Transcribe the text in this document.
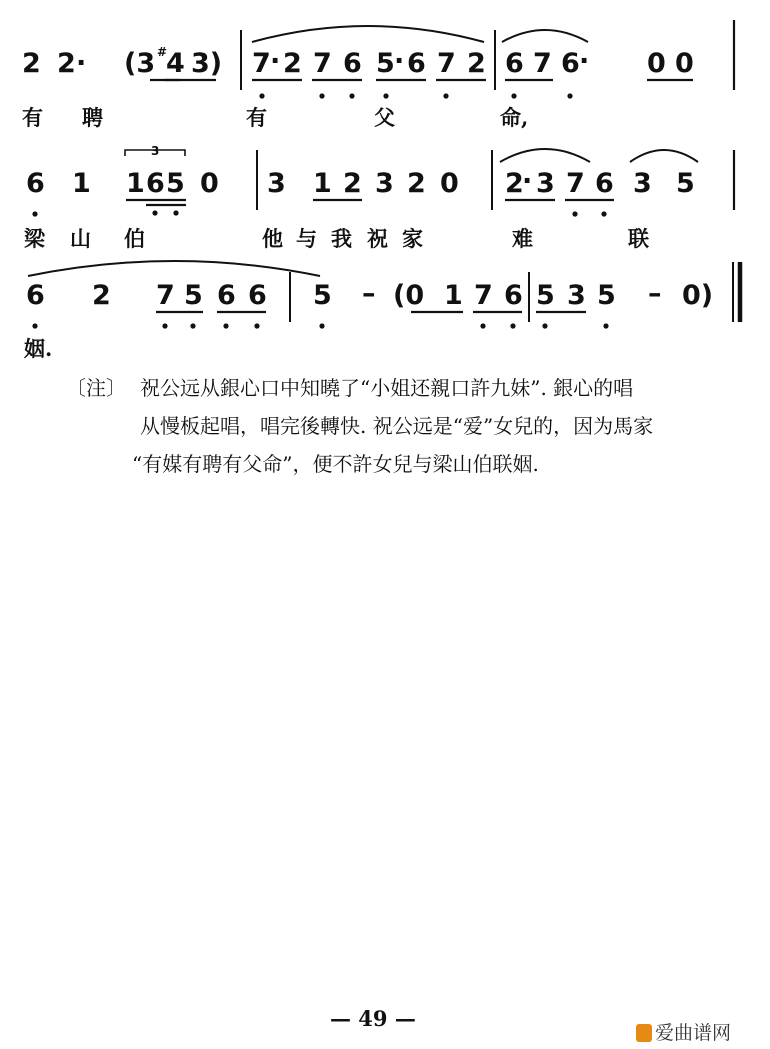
2 2 · (3 #
4 3) 7 · 2 7 6 5 · 6 7 2 6 7 6 · 0 0
有 聘	有	父	命,
6 1
3
1 6 5 0 3 1 2 3 2 0 2
· 3 7 6 3 5
梁 山 伯	他 与 我 祝 家	难	联
6 2 7 5 6 6 5 – (0 1 7 6 5 3 5 – 0)
姻.
〔注〕 祝公远从銀心口中知曉了“小姐还親口許九妹”. 銀心的唱
从慢板起唱，唱完後轉快. 祝公远是“爱”女兒的，因为馬家
“有媒有聘有父命”，便不許女兒与梁山伯联姻.
— 49 —
爱曲谱网
